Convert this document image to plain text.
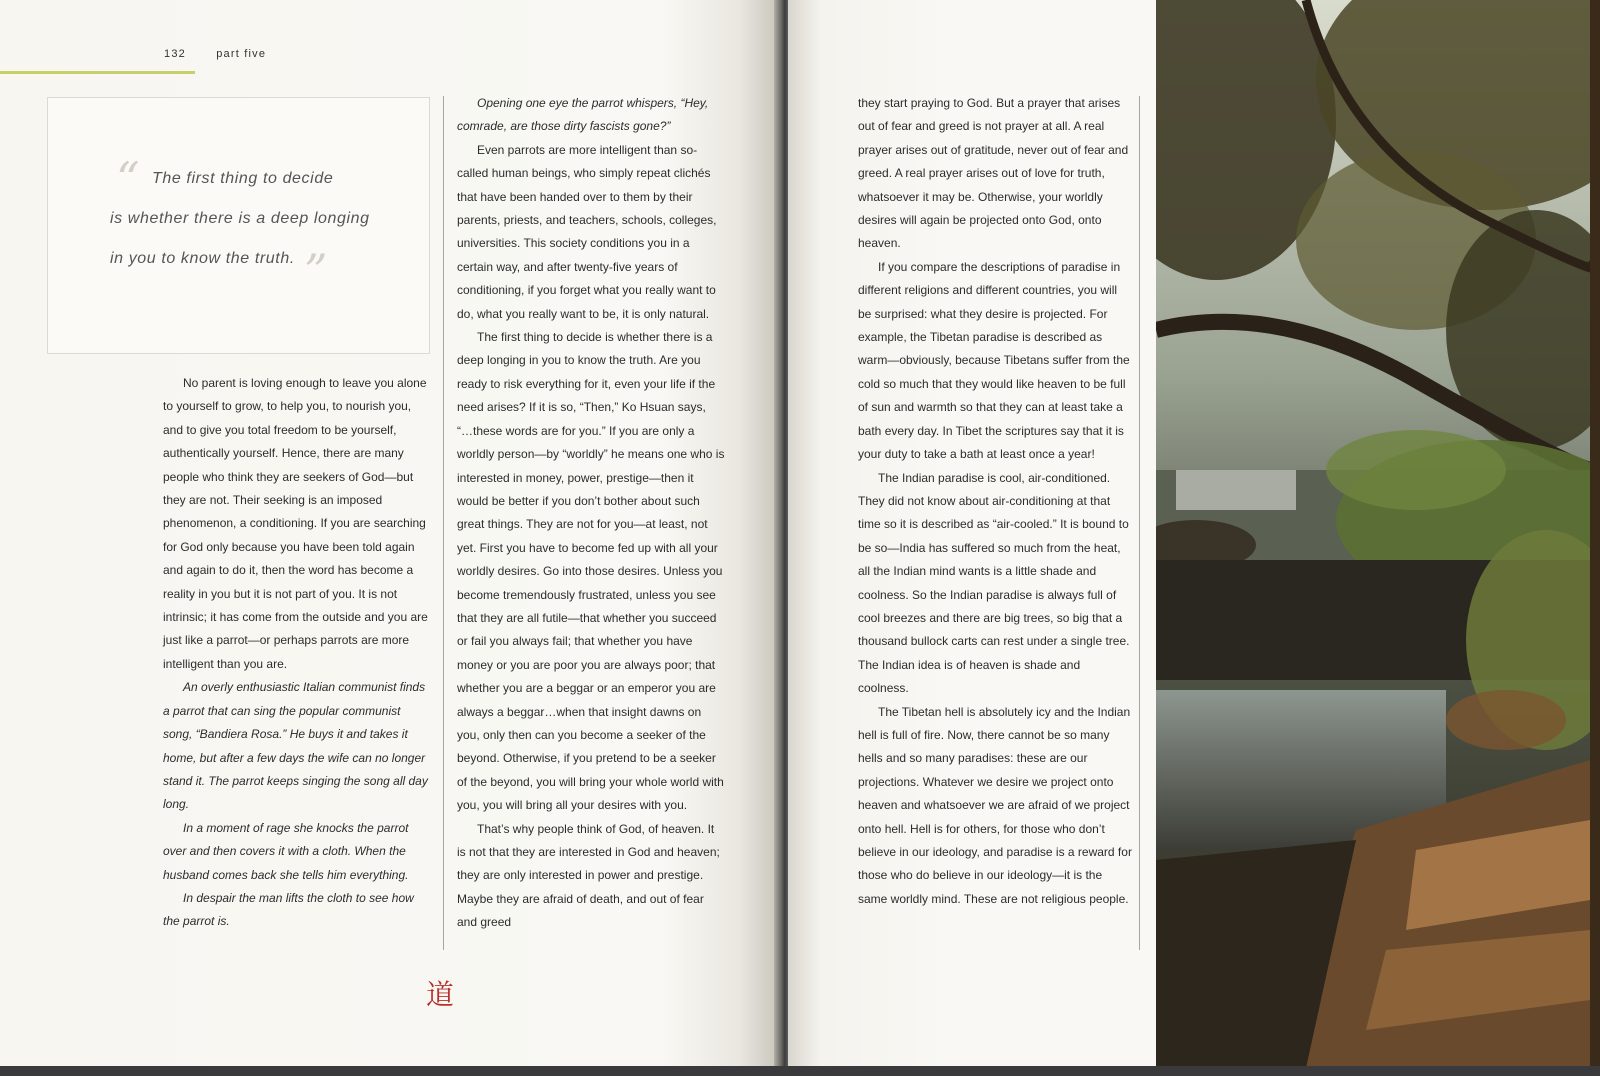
132	part five
“ The first thing to decide
is whether there is a deep longing
in you to know the truth. ”

No parent is loving enough to leave you alone to yourself to grow, to help you, to nourish you, and to give you total freedom to be yourself, authentically yourself. Hence, there are many people who think they are seekers of God—but they are not. Their seeking is an imposed phenomenon, a conditioning. If you are searching for God only because you have been told again and again to do it, then the word has become a reality in you but it is not part of you. It is not intrinsic; it has come from the outside and you are just like a parrot—or perhaps parrots are more intelligent than you are.

An overly enthusiastic Italian communist finds a parrot that can sing the popular communist song, “Bandiera Rosa.” He buys it and takes it home, but after a few days the wife can no longer stand it. The parrot keeps singing the song all day long.

In a moment of rage she knocks the parrot over and then covers it with a cloth. When the husband comes back she tells him everything.

In despair the man lifts the cloth to see how the parrot is.

Opening one eye the parrot whispers, “Hey, comrade, are those dirty fascists gone?”

Even parrots are more intelligent than so-called human beings, who simply repeat clichés that have been handed over to them by their parents, priests, and teachers, schools, colleges, universities. This society conditions you in a certain way, and after twenty-five years of conditioning, if you forget what you really want to do, what you really want to be, it is only natural.

The first thing to decide is whether there is a deep longing in you to know the truth. Are you ready to risk everything for it, even your life if the need arises? If it is so, “Then,” Ko Hsuan says, “…these words are for you.” If you are only a worldly person—by “worldly” he means one who is interested in money, power, prestige—then it would be better if you don’t bother about such great things. They are not for you—at least, not yet. First you have to become fed up with all your worldly desires. Go into those desires. Unless you become tremendously frustrated, unless you see that they are all futile—that whether you succeed or fail you always fail; that whether you have money or you are poor you are always poor; that whether you are a beggar or an emperor you are always a beggar…when that insight dawns on you, only then can you become a seeker of the beyond. Otherwise, if you pretend to be a seeker of the beyond, you will bring your whole world with you, you will bring all your desires with you.

That’s why people think of God, of heaven. It is not that they are interested in God and heaven; they are only interested in power and prestige. Maybe they are afraid of death, and out of fear and greed

道

they start praying to God. But a prayer that arises out of fear and greed is not prayer at all. A real prayer arises out of gratitude, never out of fear and greed. A real prayer arises out of love for truth, whatsoever it may be. Otherwise, your worldly desires will again be projected onto God, onto heaven.

If you compare the descriptions of paradise in different religions and different countries, you will be surprised: what they desire is projected. For example, the Tibetan paradise is described as warm—obviously, because Tibetans suffer from the cold so much that they would like heaven to be full of sun and warmth so that they can at least take a bath every day. In Tibet the scriptures say that it is your duty to take a bath at least once a year!

The Indian paradise is cool, air-conditioned. They did not know about air-conditioning at that time so it is described as “air-cooled.” It is bound to be so—India has suffered so much from the heat, all the Indian mind wants is a little shade and coolness. So the Indian paradise is always full of cool breezes and there are big trees, so big that a thousand bullock carts can rest under a single tree. The Indian idea is of heaven is shade and coolness.

The Tibetan hell is absolutely icy and the Indian hell is full of fire. Now, there cannot be so many hells and so many paradises: these are our projections. Whatever we desire we project onto heaven and whatsoever we are afraid of we project onto hell. Hell is for others, for those who don’t believe in our ideology, and paradise is a reward for those who do believe in our ideology—it is the same worldly mind. These are not religious people.
